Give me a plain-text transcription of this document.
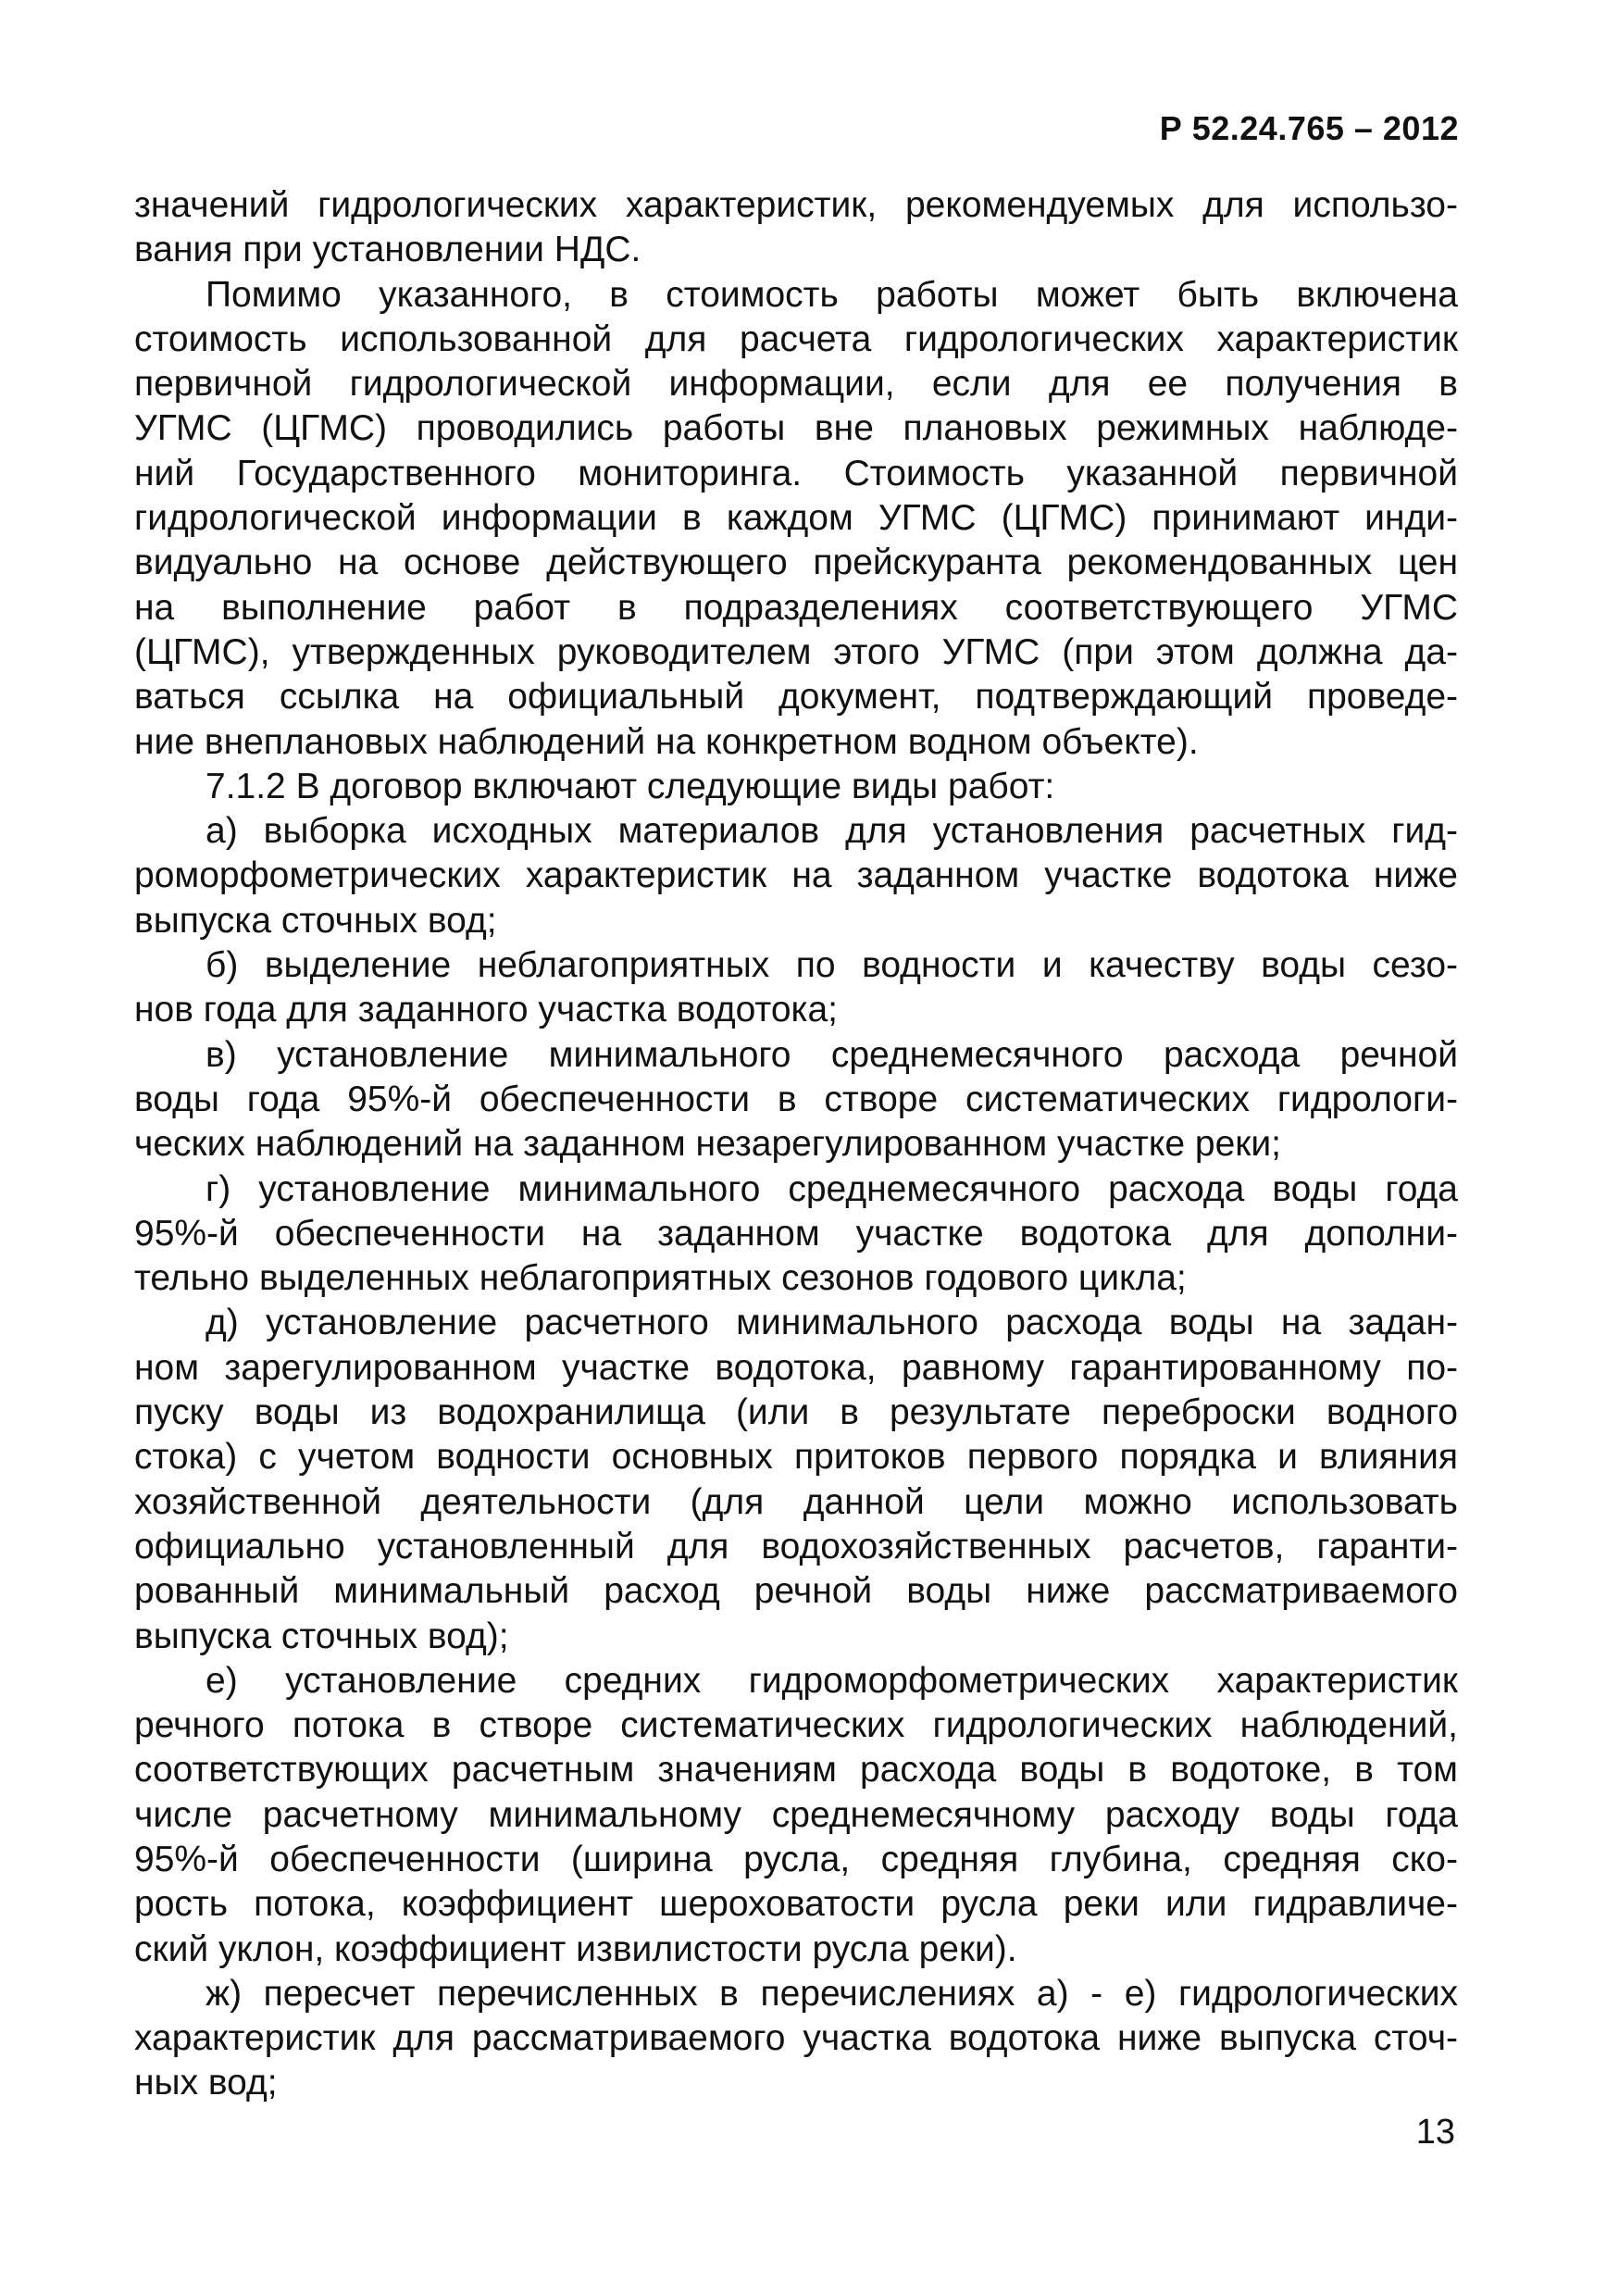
Р 52.24.765 – 2012
значений гидрологических характеристик, рекомендуемых для использо-
вания при установлении НДС.
Помимо указанного, в стоимость работы может быть включена
стоимость использованной для расчета гидрологических характеристик
первичной гидрологической информации, если для ее получения в
УГМС (ЦГМС) проводились работы вне плановых режимных наблюде-
ний Государственного мониторинга. Стоимость указанной первичной
гидрологической информации в каждом УГМС (ЦГМС) принимают инди-
видуально на основе действующего прейскуранта рекомендованных цен
на выполнение работ в подразделениях соответствующего УГМС
(ЦГМС), утвержденных руководителем этого УГМС (при этом должна да-
ваться ссылка на официальный документ, подтверждающий проведе-
ние внеплановых наблюдений на конкретном водном объекте).
7.1.2 В договор включают следующие виды работ:
а) выборка исходных материалов для установления расчетных гид-
роморфометрических характеристик на заданном участке водотока ниже
выпуска сточных вод;
б) выделение неблагоприятных по водности и качеству воды сезо-
нов года для заданного участка водотока;
в) установление минимального среднемесячного расхода речной
воды года 95%-й обеспеченности в створе систематических гидрологи-
ческих наблюдений на заданном незарегулированном участке реки;
г) установление минимального среднемесячного расхода воды года
95%-й обеспеченности на заданном участке водотока для дополни-
тельно выделенных неблагоприятных сезонов годового цикла;
д) установление расчетного минимального расхода воды на задан-
ном зарегулированном участке водотока, равному гарантированному по-
пуску воды из водохранилища (или в результате переброски водного
стока) с учетом водности основных притоков первого порядка и влияния
хозяйственной деятельности (для данной цели можно использовать
официально установленный для водохозяйственных расчетов, гаранти-
рованный минимальный расход речной воды ниже рассматриваемого
выпуска сточных вод);
е) установление средних гидроморфометрических характеристик
речного потока в створе систематических гидрологических наблюдений,
соответствующих расчетным значениям расхода воды в водотоке, в том
числе расчетному минимальному среднемесячному расходу воды года
95%-й обеспеченности (ширина русла, средняя глубина, средняя ско-
рость потока, коэффициент шероховатости русла реки или гидравличе-
ский уклон, коэффициент извилистости русла реки).
ж) пересчет перечисленных в перечислениях а) - е) гидрологических
характеристик для рассматриваемого участка водотока ниже выпуска сточ-
ных вод;
13
